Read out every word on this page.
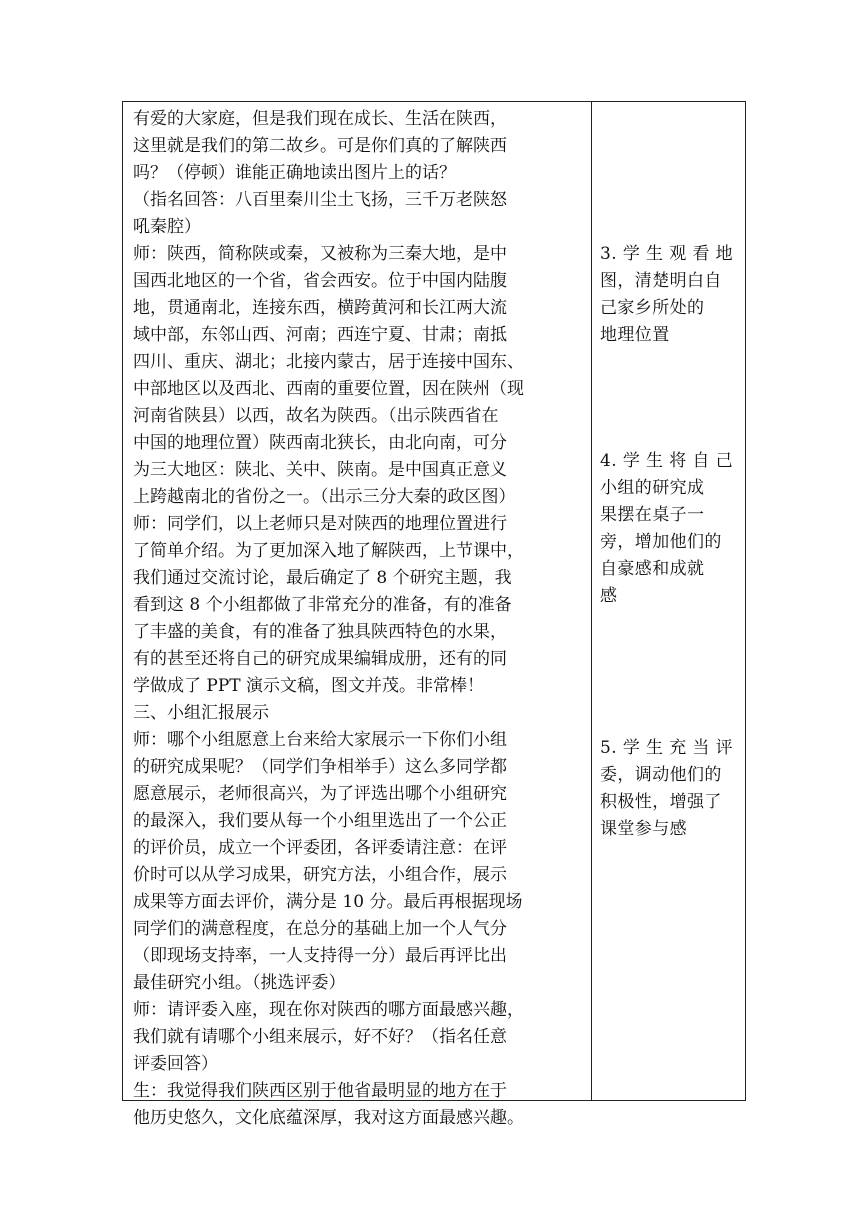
有爱的大家庭，但是我们现在成长、生活在陕西，
这里就是我们的第二故乡。可是你们真的了解陕西
吗？（停顿）谁能正确地读出图片上的话？
（指名回答：八百里秦川尘土飞扬，三千万老陕怒
吼秦腔）
师：陕西，简称陕或秦，又被称为三秦大地，是中
国西北地区的一个省，省会西安。位于中国内陆腹
地，贯通南北，连接东西，横跨黄河和长江两大流
域中部，东邻山西、河南；西连宁夏、甘肃；南抵
四川、重庆、湖北；北接内蒙古，居于连接中国东、
中部地区以及西北、西南的重要位置，因在陕州（现
河南省陕县）以西，故名为陕西。（出示陕西省在
中国的地理位置）陕西南北狭长，由北向南，可分
为三大地区：陕北、关中、陕南。是中国真正意义
上跨越南北的省份之一。（出示三分大秦的政区图）
师：同学们，以上老师只是对陕西的地理位置进行
了简单介绍。为了更加深入地了解陕西，上节课中，
我们通过交流讨论，最后确定了 8 个研究主题，我
看到这 8 个小组都做了非常充分的准备，有的准备
了丰盛的美食，有的准备了独具陕西特色的水果，
有的甚至还将自己的研究成果编辑成册，还有的同
学做成了 PPT 演示文稿，图文并茂。非常棒！
三、小组汇报展示
师：哪个小组愿意上台来给大家展示一下你们小组
的研究成果呢？（同学们争相举手）这么多同学都
愿意展示，老师很高兴，为了评选出哪个小组研究
的最深入，我们要从每一个小组里选出了一个公正
的评价员，成立一个评委团，各评委请注意：在评
价时可以从学习成果，研究方法，小组合作，展示
成果等方面去评价，满分是 10 分。最后再根据现场
同学们的满意程度，在总分的基础上加一个人气分
（即现场支持率，一人支持得一分）最后再评比出
最佳研究小组。（挑选评委）
师：请评委入座，现在你对陕西的哪方面最感兴趣，
我们就有请哪个小组来展示，好不好？（指名任意
评委回答）
生：我觉得我们陕西区别于他省最明显的地方在于
他历史悠久，文化底蕴深厚，我对这方面最感兴趣。
3. 学 生 观 看 地
图，清楚明白自
己家乡所处的
地理位置
4. 学 生 将 自 己
小组的研究成
果摆在桌子一
旁，增加他们的
自豪感和成就
感
5. 学 生 充 当 评
委，调动他们的
积极性，增强了
课堂参与感
